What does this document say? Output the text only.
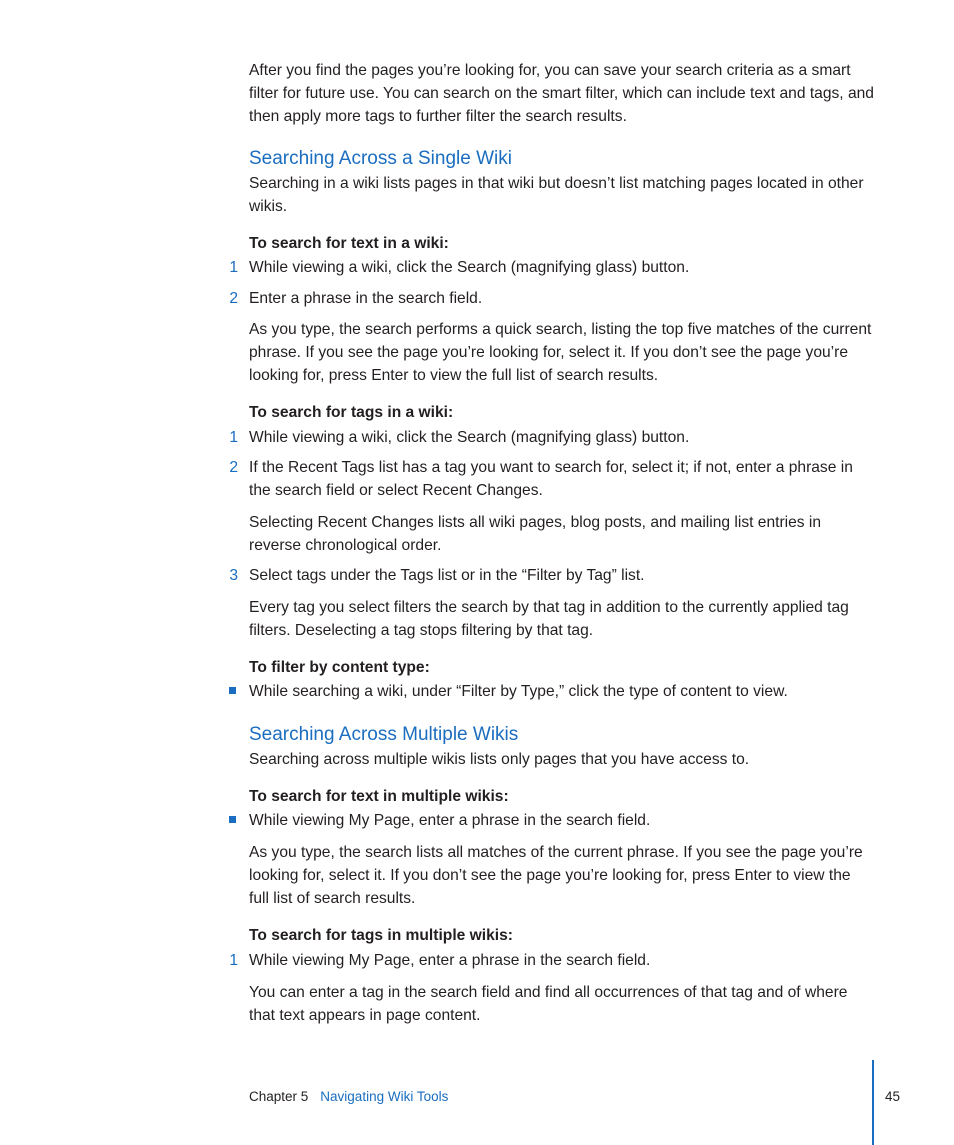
After you find the pages you’re looking for, you can save your search criteria as a smart filter for future use. You can search on the smart filter, which can include text and tags, and then apply more tags to further filter the search results.

Searching Across a Single Wiki

Searching in a wiki lists pages in that wiki but doesn’t list matching pages located in other wikis.

To search for text in a wiki:
1 While viewing a wiki, click the Search (magnifying glass) button.

2 Enter a phrase in the search field.

As you type, the search performs a quick search, listing the top five matches of the current phrase. If you see the page you’re looking for, select it. If you don’t see the page you’re looking for, press Enter to view the full list of search results.

To search for tags in a wiki:
1 While viewing a wiki, click the Search (magnifying glass) button.

2 If the Recent Tags list has a tag you want to search for, select it; if not, enter a phrase in the search field or select Recent Changes.

Selecting Recent Changes lists all wiki pages, blog posts, and mailing list entries in reverse chronological order.

3 Select tags under the Tags list or in the “Filter by Tag” list.

Every tag you select filters the search by that tag in addition to the currently applied tag filters. Deselecting a tag stops filtering by that tag.

To filter by content type:

While searching a wiki, under “Filter by Type,” click the type of content to view.

Searching Across Multiple Wikis

Searching across multiple wikis lists only pages that you have access to.

To search for text in multiple wikis:

While viewing My Page, enter a phrase in the search field.

As you type, the search lists all matches of the current phrase. If you see the page you’re looking for, select it. If you don’t see the page you’re looking for, press Enter to view the full list of search results.

To search for tags in multiple wikis:
1 While viewing My Page, enter a phrase in the search field.

You can enter a tag in the search field and find all occurrences of that tag and of where that text appears in page content.

Chapter 5 Navigating Wiki Tools	45
